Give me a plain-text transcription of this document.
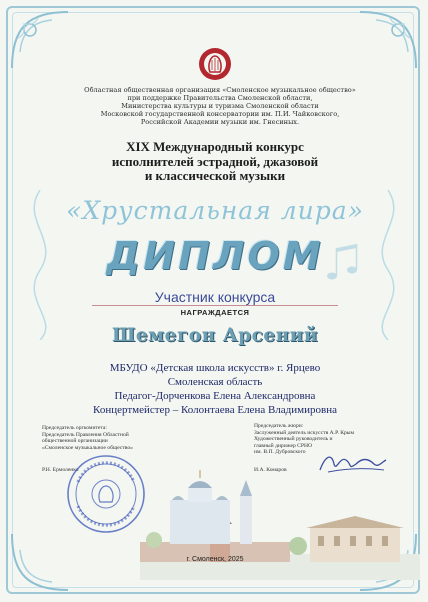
Областная общественная организация «Смоленское музыкальное общество»
при поддержке Правительства Смоленской области,
Министерства культуры и туризма Смоленской области
Московской государственной консерватории им. П.И. Чайковского,
Российской Академии музыки им. Гнесиных.
XIX Международный конкурс
исполнителей эстрадной, джазовой
и классической музыки
«Хрустальная лира»
ДИПЛОМ
Участник конкурса
НАГРАЖДАЕТСЯ
Шемегон Арсений
МБУДО «Детская школа искусств» г. Ярцево
Смоленская область
Педагог-Дорченкова Елена Александровна
Концертмейстер – Колонтаева Елена Владимировна
Председатель оргкомитета:
Председатель Правления Областной
общественной организации
«Смоленское музыкальное общество»
Р.Н. Ермоленко
Председатель жюри:
Заслуженный деятель искусств А.Р. Крым
Художественный руководитель и
главный дирижер СРНО
им. В.П. Дубровского
И.А. Комаров
г. Смоленск, 2025
